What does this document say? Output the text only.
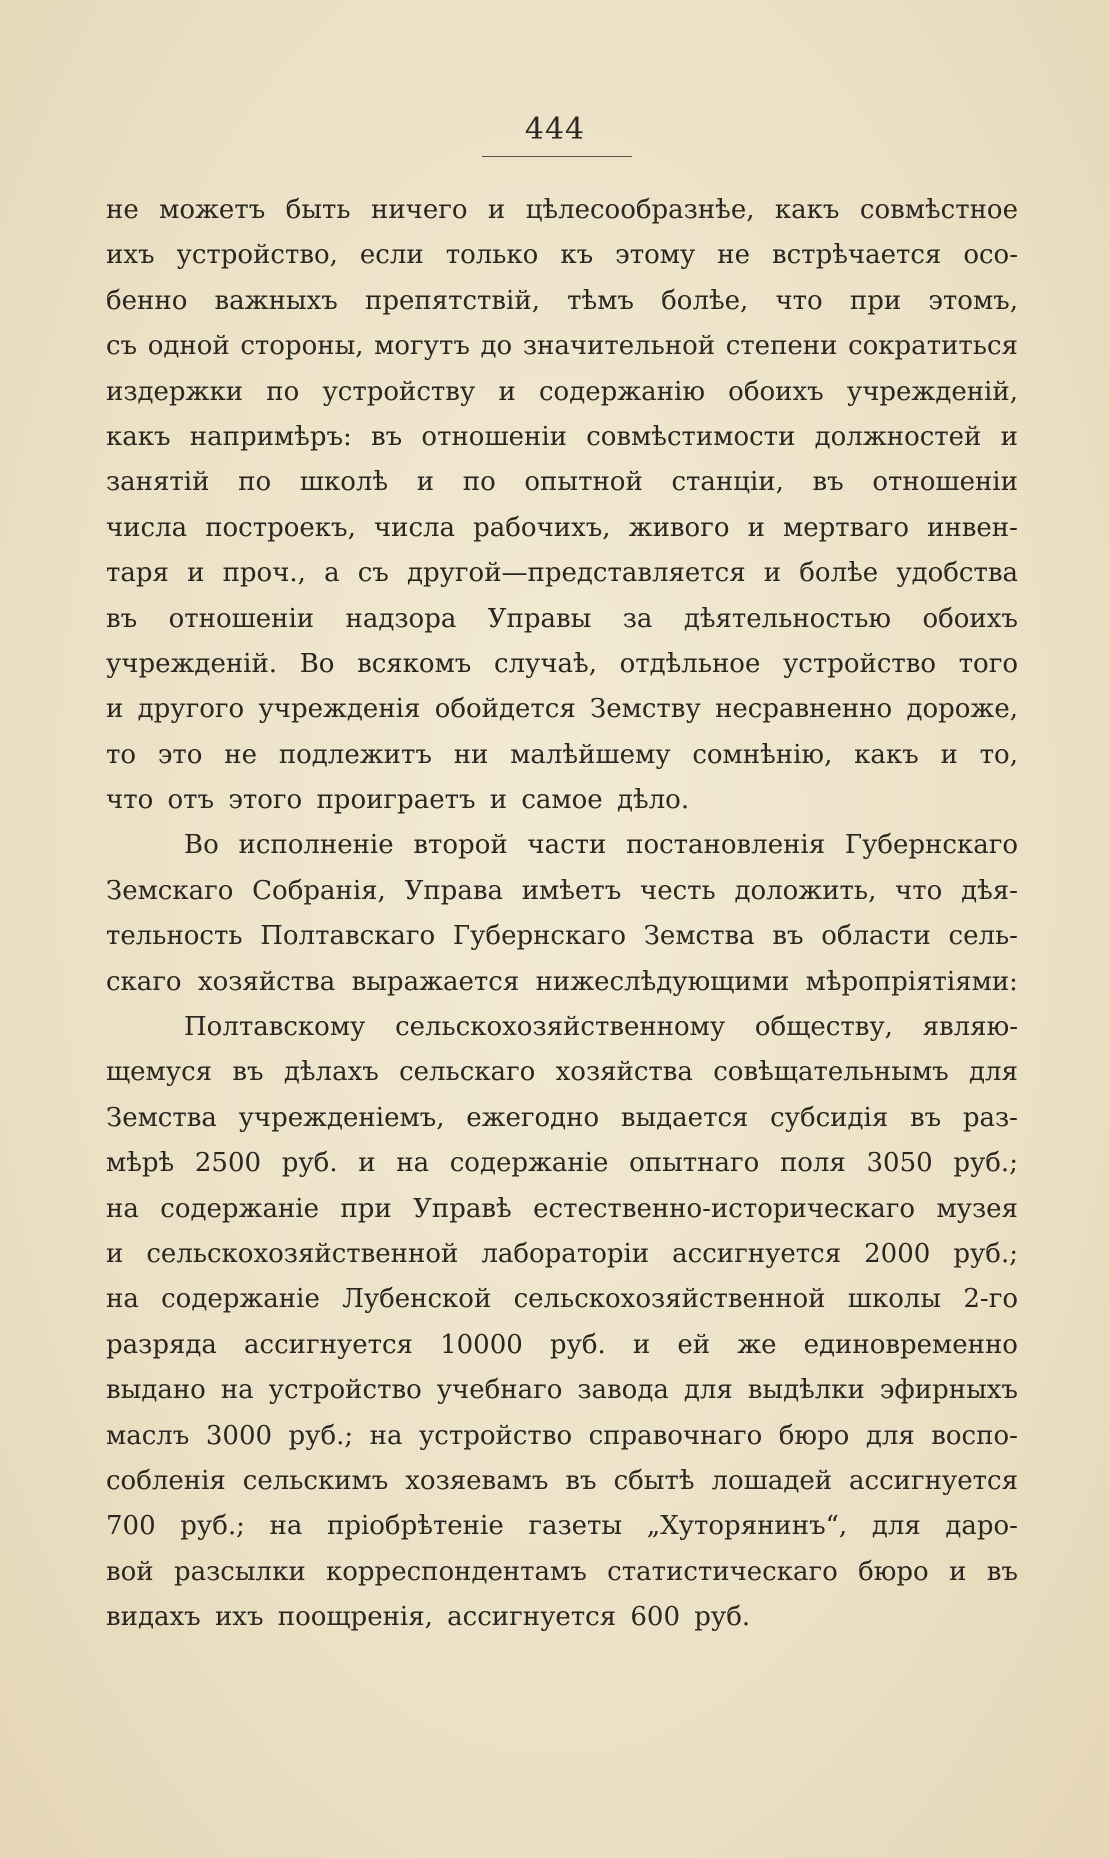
444

не можетъ быть ничего и цѣлесообразнѣе, какъ совмѣстное
ихъ устройство, если только къ этому не встрѣчается осо-
бенно важныхъ препятствій, тѣмъ болѣе, что при этомъ,
съ одной стороны, могутъ до значительной степени сократиться
издержки по устройству и содержанію обоихъ учрежденій,
какъ напримѣръ: въ отношеніи совмѣстимости должностей и
занятій по школѣ и по опытной станціи, въ отношеніи
числа построекъ, числа рабочихъ, живого и мертваго инвен-
таря и проч., а съ другой—представляется и болѣе удобства
въ отношеніи надзора Управы за дѣятельностью обоихъ
учрежденій. Во всякомъ случаѣ, отдѣльное устройство того
и другого учрежденія обойдется Земству несравненно дороже,
то это не подлежитъ ни малѣйшему сомнѣнію, какъ и то,
что отъ этого проиграетъ и самое дѣло.
Во исполненіе второй части постановленія Губернскаго
Земскаго Собранія, Управа имѣетъ честь доложить, что дѣя-
тельность Полтавскаго Губернскаго Земства въ области сель-
скаго хозяйства выражается нижеслѣдующими мѣропріятіями:
Полтавскому сельскохозяйственному обществу, являю-
щемуся въ дѣлахъ сельскаго хозяйства совѣщательнымъ для
Земства учрежденіемъ, ежегодно выдается субсидія въ раз-
мѣрѣ 2500 руб. и на содержаніе опытнаго поля 3050 руб.;
на содержаніе при Управѣ естественно-историческаго музея
и сельскохозяйственной лабораторіи ассигнуется 2000 руб.;
на содержаніе Лубенской сельскохозяйственной школы 2-го
разряда ассигнуется 10000 руб. и ей же единовременно
выдано на устройство учебнаго завода для выдѣлки эфирныхъ
маслъ 3000 руб.; на устройство справочнаго бюро для воспо-
собленія сельскимъ хозяевамъ въ сбытѣ лошадей ассигнуется
700 руб.; на пріобрѣтеніе газеты „Хуторянинъ“, для даро-
вой разсылки корреспондентамъ статистическаго бюро и въ
видахъ ихъ поощренія, ассигнуется 600 руб.
